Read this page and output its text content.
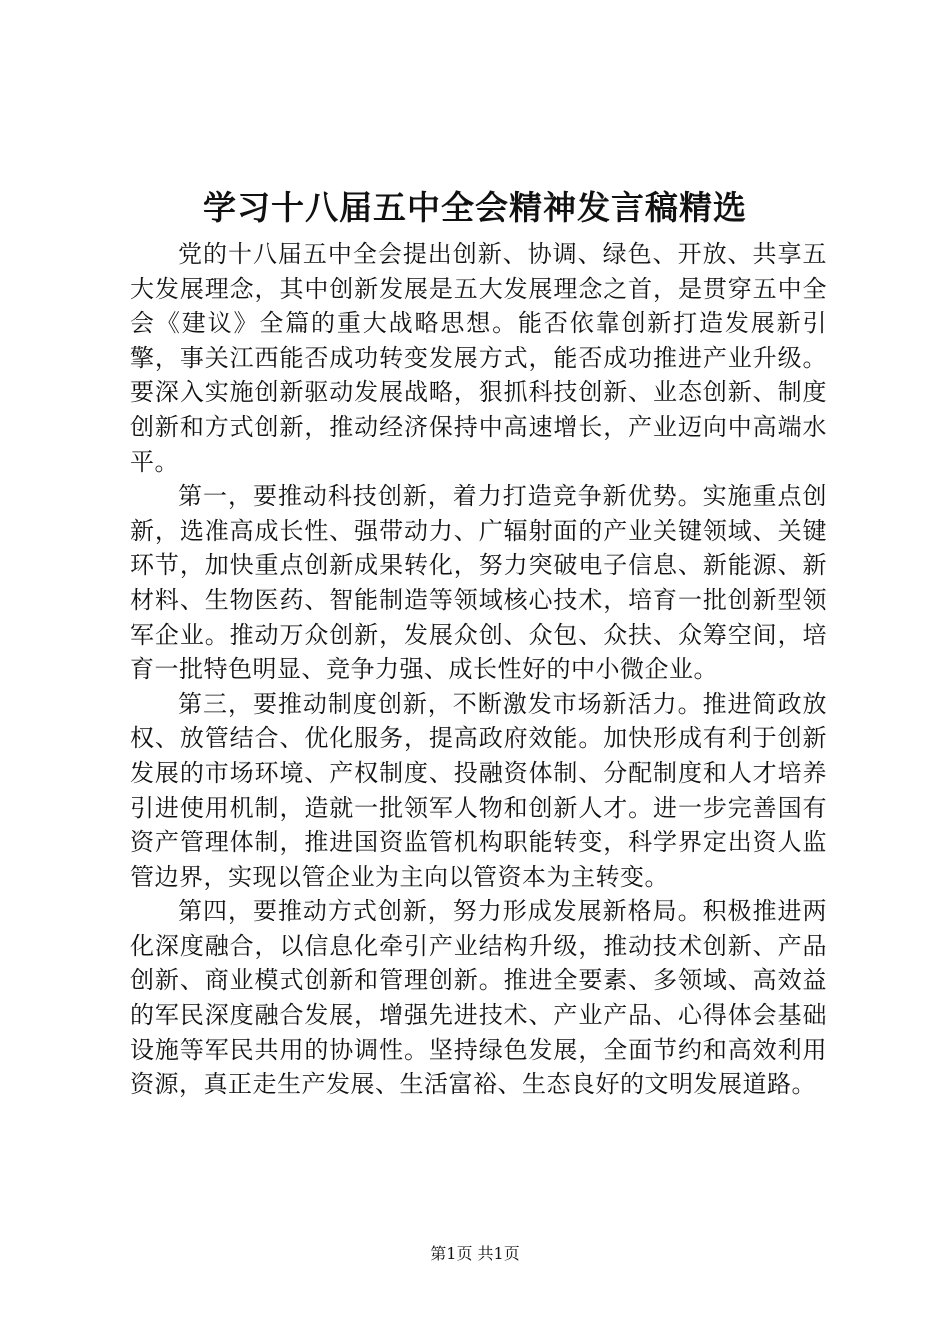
学习十八届五中全会精神发言稿精选

党的十八届五中全会提出创新、协调、绿色、开放、共享五大发展理念，其中创新发展是五大发展理念之首，是贯穿五中全会《建议》全篇的重大战略思想。能否依靠创新打造发展新引擎，事关江西能否成功转变发展方式，能否成功推进产业升级。要深入实施创新驱动发展战略，狠抓科技创新、业态创新、制度创新和方式创新，推动经济保持中高速增长，产业迈向中高端水平。

第一，要推动科技创新，着力打造竞争新优势。实施重点创新，选准高成长性、强带动力、广辐射面的产业关键领域、关键环节，加快重点创新成果转化，努力突破电子信息、新能源、新材料、生物医药、智能制造等领域核心技术，培育一批创新型领军企业。推动万众创新，发展众创、众包、众扶、众筹空间，培育一批特色明显、竞争力强、成长性好的中小微企业。

第三，要推动制度创新，不断激发市场新活力。推进简政放权、放管结合、优化服务，提高政府效能。加快形成有利于创新发展的市场环境、产权制度、投融资体制、分配制度和人才培养引进使用机制，造就一批领军人物和创新人才。进一步完善国有资产管理体制，推进国资监管机构职能转变，科学界定出资人监管边界，实现以管企业为主向以管资本为主转变。

第四，要推动方式创新，努力形成发展新格局。积极推进两化深度融合，以信息化牵引产业结构升级，推动技术创新、产品创新、商业模式创新和管理创新。推进全要素、多领域、高效益的军民深度融合发展，增强先进技术、产业产品、心得体会基础设施等军民共用的协调性。坚持绿色发展，全面节约和高效利用资源，真正走生产发展、生活富裕、生态良好的文明发展道路。

第1页 共1页
